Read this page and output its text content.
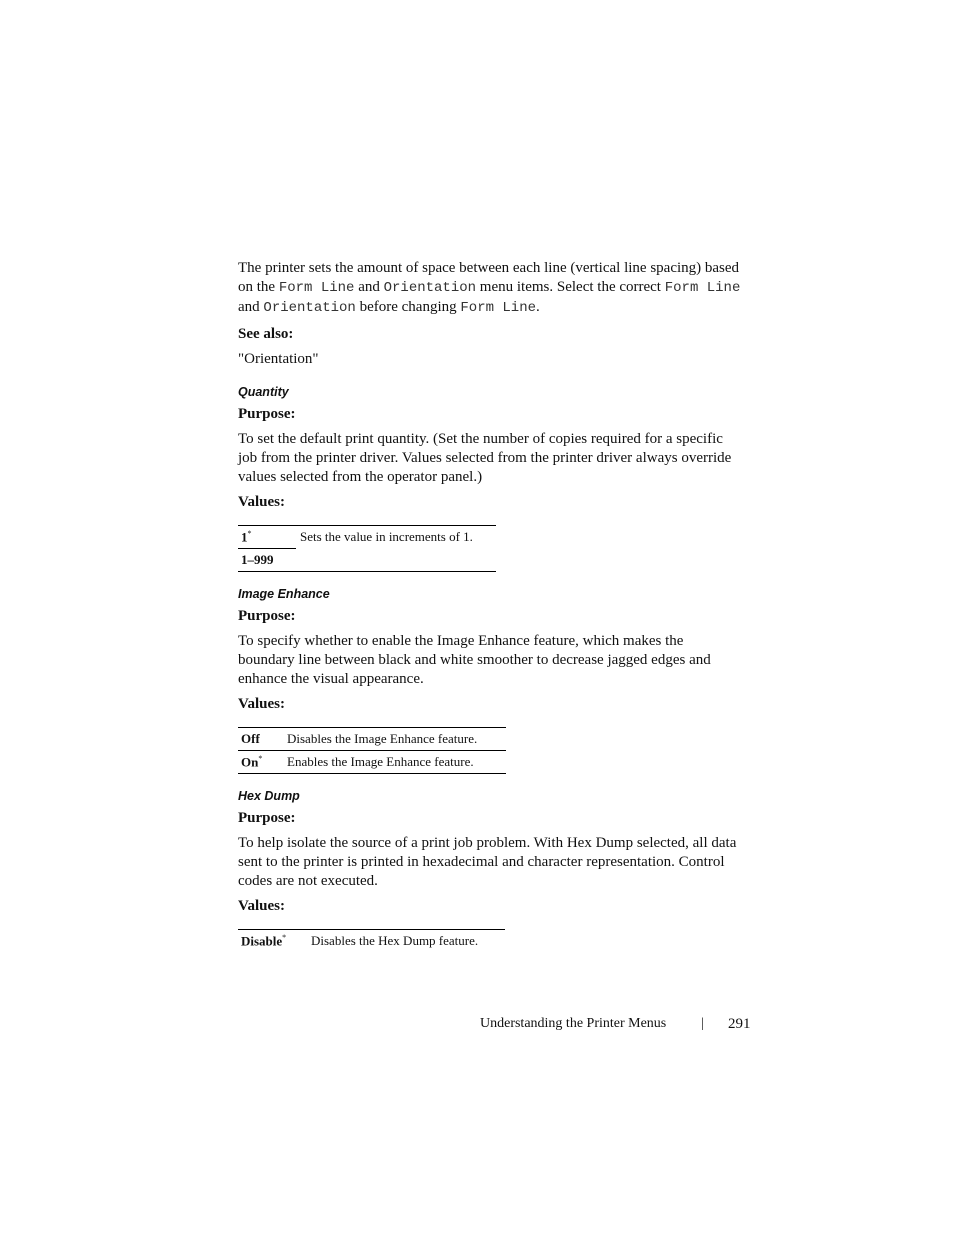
The printer sets the amount of space between each line (vertical line spacing) based on the Form Line and Orientation menu items. Select the correct Form Line and Orientation before changing Form Line.

See also:

"Orientation"

Quantity

Purpose:

To set the default print quantity. (Set the number of copies required for a specific job from the printer driver. Values selected from the printer driver always override values selected from the operator panel.)

Values:

1*	Sets the value in increments of 1.
1–999	

Image Enhance

Purpose:

To specify whether to enable the Image Enhance feature, which makes the boundary line between black and white smoother to decrease jagged edges and enhance the visual appearance.

Values:

Off	Disables the Image Enhance feature.
On*	Enables the Image Enhance feature.

Hex Dump

Purpose:

To help isolate the source of a print job problem. With Hex Dump selected, all data sent to the printer is printed in hexadecimal and character representation. Control codes are not executed.

Values:

Disable*	Disables the Hex Dump feature.
Understanding the Printer Menus | 291
